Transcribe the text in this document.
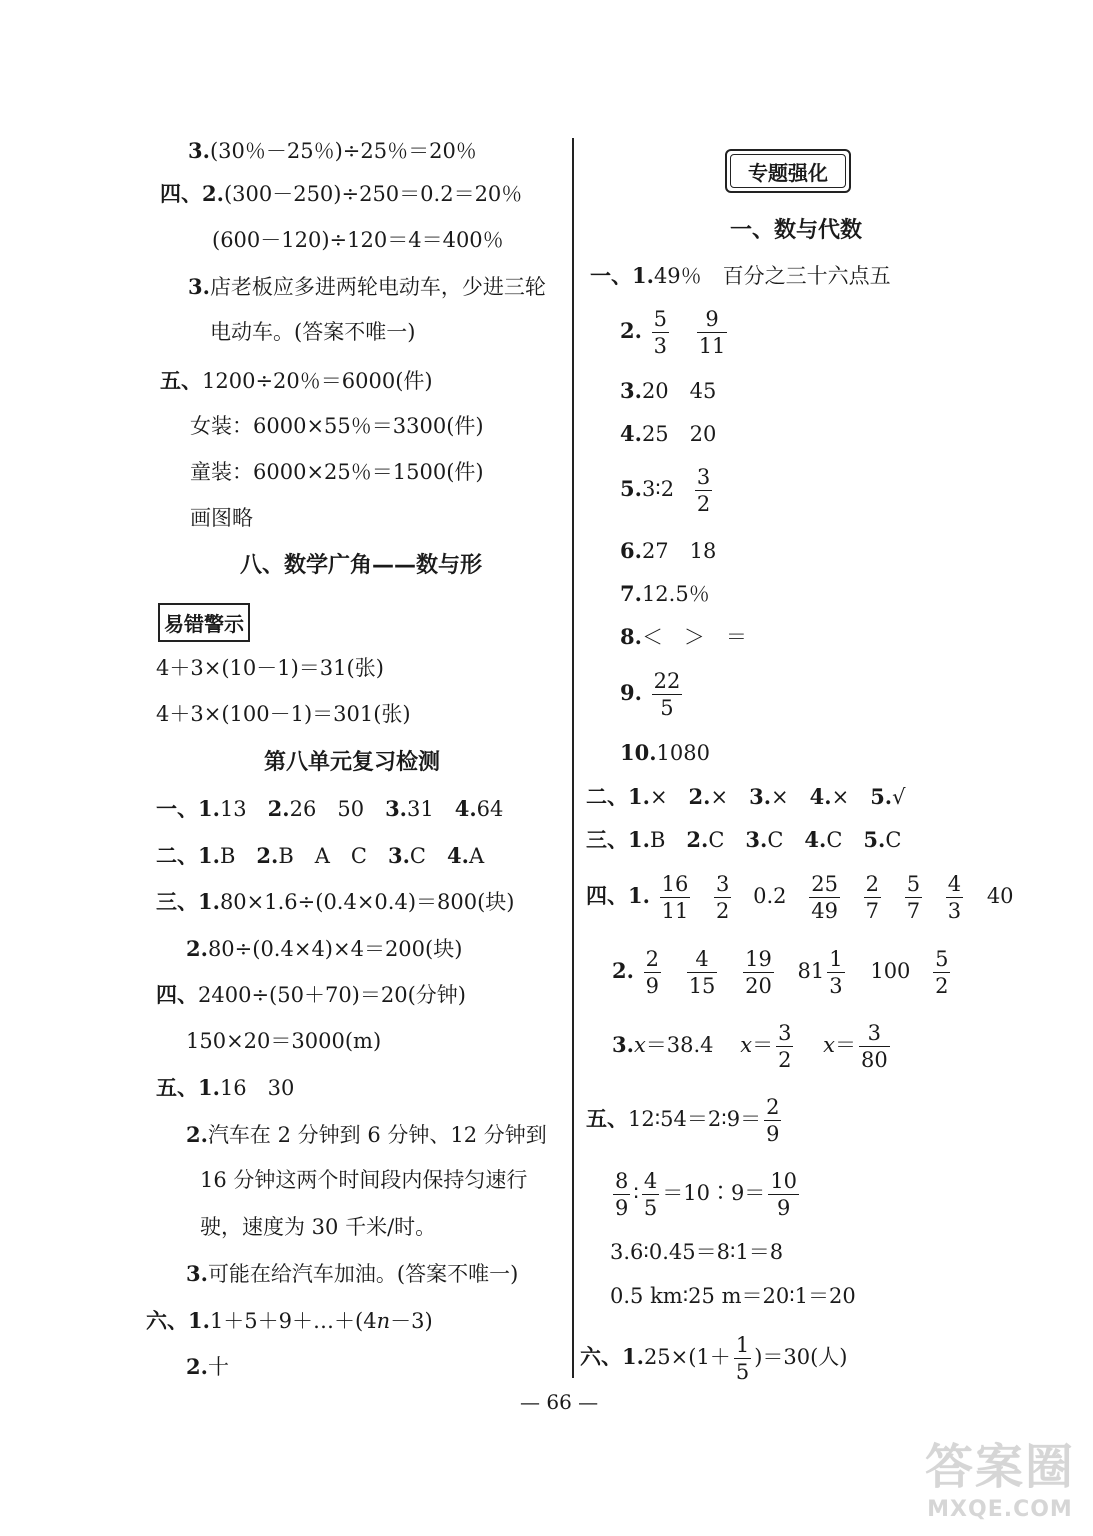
3.(30％－25％)÷25％＝20％
四、2.(300－250)÷250＝0.2＝20％
(600－120)÷120＝4＝400％
3.店老板应多进两轮电动车，少进三轮
电动车。(答案不唯一)
五、1200÷20％＝6000(件)
女装：6000×55％＝3300(件)
童装：6000×25％＝1500(件)
画图略
八、数学广角——数与形
易错警示
4＋3×(10－1)＝31(张)
4＋3×(100－1)＝301(张)
第八单元复习检测
一、1.13　 2.26　50　 3.31　 4.64
二、1.B　 2.B　A　C　 3.C　 4.A
三、1.80×1.6÷(0.4×0.4)＝800(块)
2.80÷(0.4×4)×4＝200(块)
四、2400÷(50＋70)＝20(分钟)
150×20＝3000(m)
五、1.16　30
2.汽车在 2 分钟到 6 分钟、12 分钟到
16 分钟这两个时间段内保持匀速行
驶，速度为 30 千米/时。
3.可能在给汽车加油。(答案不唯一)
六、1.1＋5＋9＋…＋(4n－3)
2.十
专题强化
一、数与代数
一、1.49％　百分之三十六点五
2. $\frac{5}{3}$
$\frac{9}{11}$
3.20　45
4.25　20
5.3∶2 $\frac{3}{2}$
6.27　18
7.12.5％
8.＜　＞　＝
9. $\frac{22}{5}$
10.1080
二、1.×　 2.×　 3.×　 4.×　 5.√
三、1.B　 2.C　 3.C　 4.C　 5.C
四、1. $\frac{16}{11}$
$\frac{3}{2} 0.2 \frac{25}{49}$
$\frac{2}{7}$
$\frac{5}{7}$
$\frac{4}{3} 40$
2. $\frac{2}{9}$
$\frac{4}{15}$
$\frac{19}{20} 81 \frac{1}{3} 100 \frac{5}{2}$
3.x＝38.4 $x= \frac{3}{2} x= \frac{3}{80}$
五、12∶54＝2∶9＝ $\frac{2}{9}$
$\frac{8}{9}$ ∶ $\frac{4}{5}$ ＝10∶9＝ $\frac{10}{9}$
3.6∶0.45＝8∶1＝8
0.5 km∶25 m＝20∶1＝20
六、$1.25\times(1+ \frac{1}{5} )=30$(人)
— 66 —
答案圈
MXQE.COM
